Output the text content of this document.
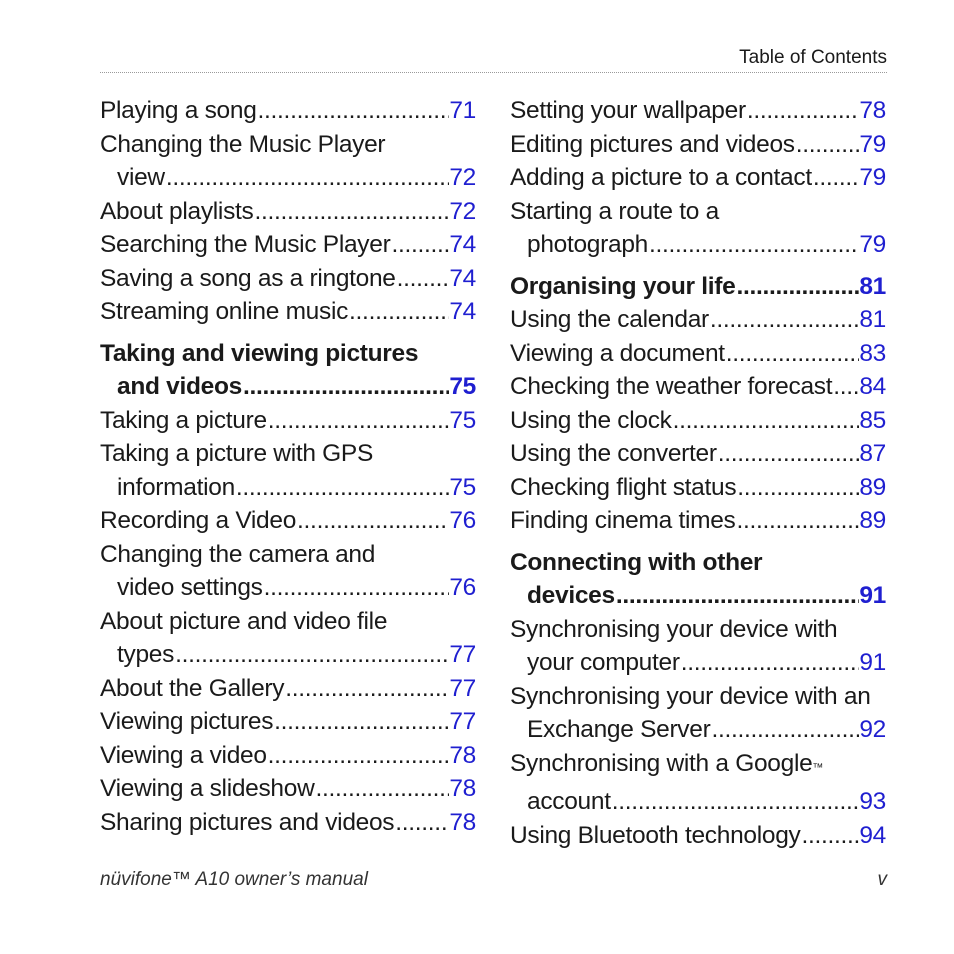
Table of Contents
Playing a song .....	71
Changing the Music Player
view .....	72
About playlists .....	72
Searching the Music Player ..... 74
Saving a song as a ringtone ..... 74
Streaming online music .....	74
Taking and viewing pictures
and videos .....	75
Taking a picture .....	75
Taking a picture with GPS
information .....	75
Recording a Video .....	76
Changing the camera and
video settings .....	76
About picture and video file
types .....	77
About the Gallery .....	77
Viewing pictures .....	77
Viewing a video .....	78
Viewing a slideshow .....	78
Sharing pictures and videos ..... 78
Setting your wallpaper .....	78
Editing pictures and videos .....	79
Adding a picture to a contact ..... 79
Starting a route to a
photograph .....	79
Organising your life .....	81
Using the calendar .....	81
Viewing a document .....	83
Checking the weather forecast ..... 84
Using the clock .....	85
Using the converter .....	87
Checking flight status .....	89
Finding cinema times .....	89
Connecting with other
devices .....	91
Synchronising your device with
your computer .....	91
Synchronising your device with an
Exchange Server .....	92
Synchronising with a Google$_™$
account .....	93
Using Bluetooth technology ..... 94
nüvifone™ A10 owner’s manual	v
